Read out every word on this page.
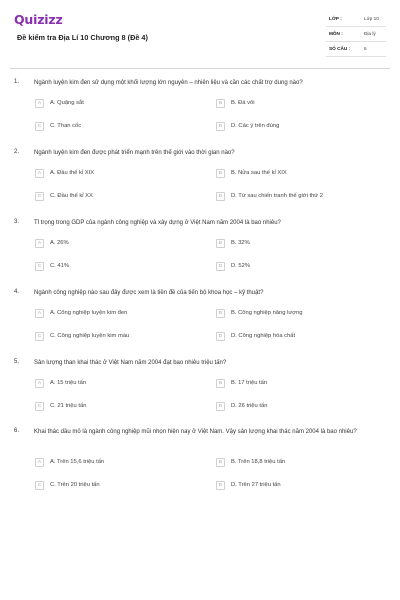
Quizizz
Đề kiểm tra Địa Lí 10 Chương 8 (Đề 4)
LỚP :	Lớp 10
MÔN :	Địa lý
SỐ CÂU :	6
1. Ngành luyện kim đen sử dụng một khối lượng lớn nguyên – nhiên liệu và cần các chất trợ dung nào?
A	A. Quặng sắt	B	B. Đá vôi
C	C. Than cốc	D	D. Các ý trên đúng
2. Ngành luyện kim đen được phát triển mạnh trên thế giới vào thời gian nào?
A	A. Đầu thế kỉ XIX	B	B. Nửa sau thế kỉ XIX
C	C. Đầu thế kỉ XX	D	D. Từ sau chiến tranh thế giới thứ 2
3. Tỉ trọng trong GDP của ngành công nghiệp và xây dựng ở Việt Nam năm 2004 là bao nhiêu?
A	A. 26%	B	B. 32%
C	C. 41%	D	D. 52%
4. Ngành công nghiệp nào sau đây được xem là tiền đề của tiến bộ khoa học – kỹ thuật?
A	A. Công nghiệp luyện kim đen	B	B. Công nghiệp năng lượng
C	C. Công nghiệp luyện kim màu	D	D. Công nghiệp hóa chất
5. Sản lượng than khai thác ở Việt Nam năm 2004 đạt bao nhiêu triệu tấn?
A	A. 15 triệu tấn	B	B. 17 triệu tấn
C	C. 21 triệu tấn	D	D. 26 triệu tấn
6. Khai thác dầu mỏ là ngành công nghiệp mũi nhọn hiện nay ở Việt Nam. Vậy sản lượng khai thác năm 2004 là bao nhiêu?
A	A. Trên 15,6 triệu tấn	B	B. Trên 18,8 triệu tấn
C	C. Trên 20 triệu tấn	D	D. Trên 27 triệu tấn
